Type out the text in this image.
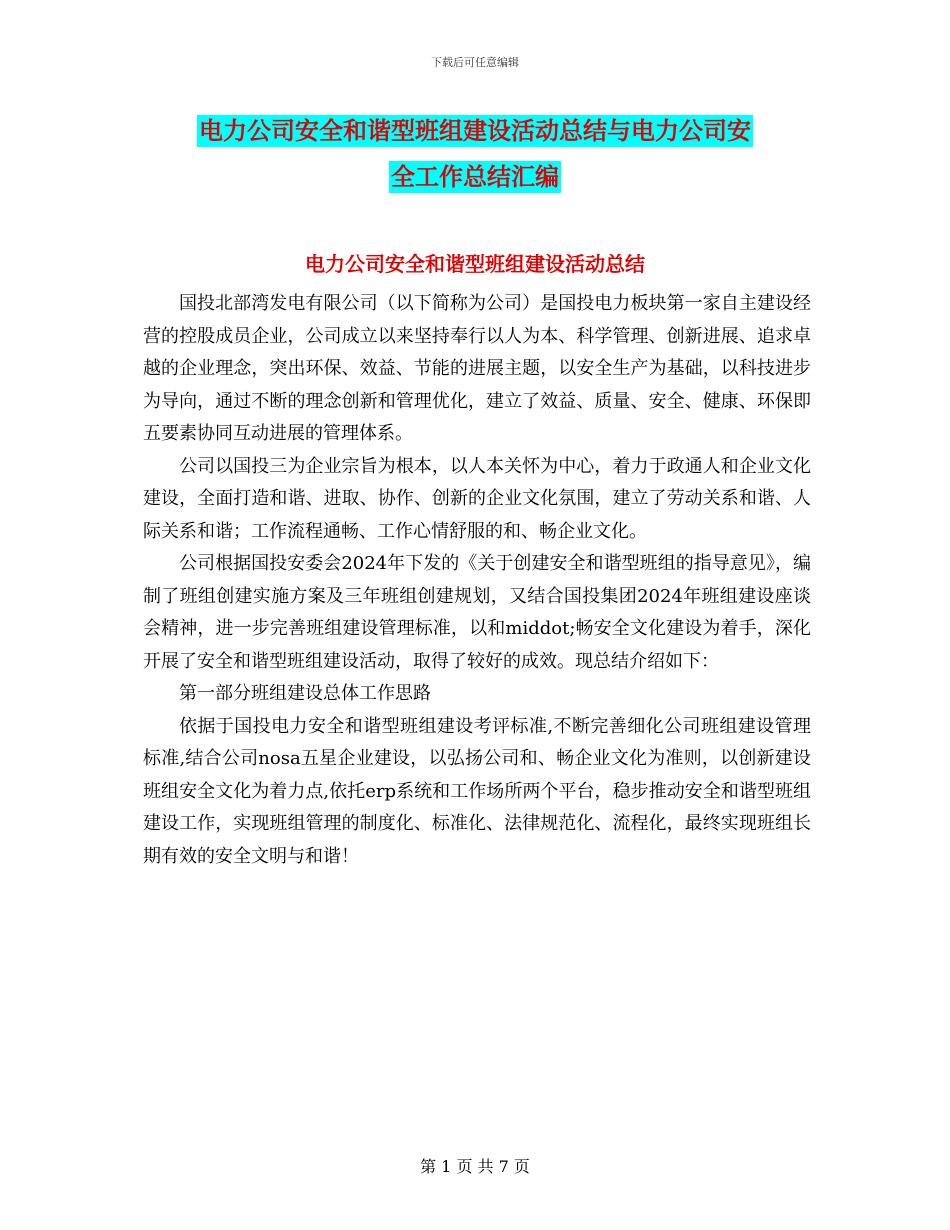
下载后可任意编辑
电力公司安全和谐型班组建设活动总结与电力公司安
全工作总结汇编
电力公司安全和谐型班组建设活动总结

国投北部湾发电有限公司（以下简称为公司）是国投电力板块第一家自主建设经营的控股成员企业，公司成立以来坚持奉行以人为本、科学管理、创新进展、追求卓越的企业理念，突出环保、效益、节能的进展主题，以安全生产为基础，以科技进步为导向，通过不断的理念创新和管理优化，建立了效益、质量、安全、健康、环保即五要素协同互动进展的管理体系。

公司以国投三为企业宗旨为根本，以人本关怀为中心，着力于政通人和企业文化建设，全面打造和谐、进取、协作、创新的企业文化氛围，建立了劳动关系和谐、人际关系和谐；工作流程通畅、工作心情舒服的和、畅企业文化。

公司根据国投安委会2024年下发的《关于创建安全和谐型班组的指导意见》，编制了班组创建实施方案及三年班组创建规划，又结合国投集团2024年班组建设座谈会精神，进一步完善班组建设管理标准，以和middot;畅安全文化建设为着手，深化开展了安全和谐型班组建设活动，取得了较好的成效。现总结介绍如下：

第一部分班组建设总体工作思路

依据于国投电力安全和谐型班组建设考评标准,不断完善细化公司班组建设管理标准,结合公司nosa五星企业建设，以弘扬公司和、畅企业文化为准则，以创新建设班组安全文化为着力点,依托erp系统和工作场所两个平台，稳步推动安全和谐型班组建设工作，实现班组管理的制度化、标准化、法律规范化、流程化，最终实现班组长期有效的安全文明与和谐！

第 1 页 共 7 页
